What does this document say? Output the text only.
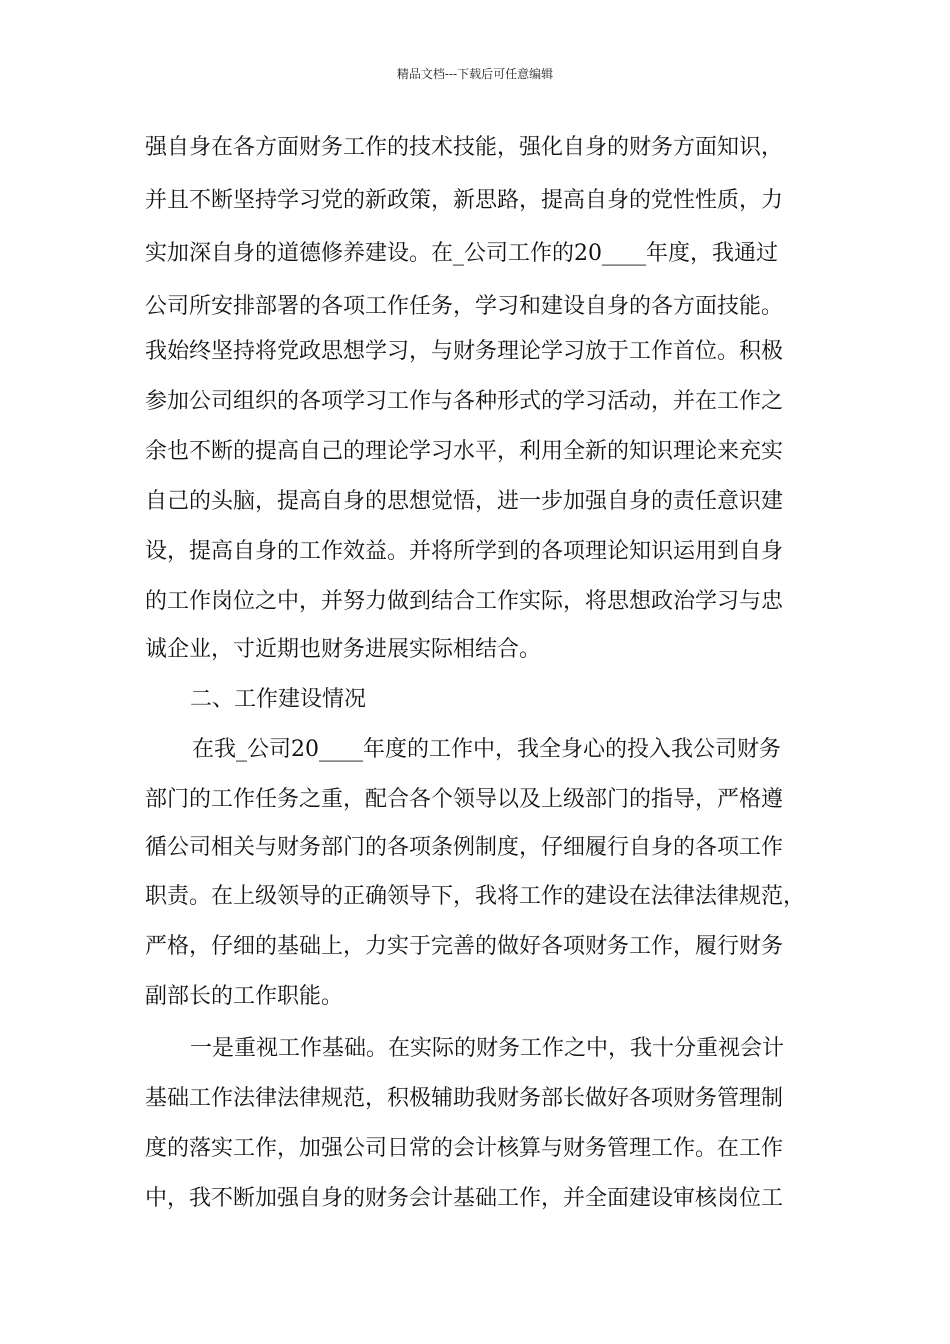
精品文档---下载后可任意编辑
强自身在各方面财务工作的技术技能，强化自身的财务方面知识，
并且不断坚持学习党的新政策，新思路，提高自身的党性性质，力
实加深自身的道德修养建设。在_公司工作的20____年度，我通过
公司所安排部署的各项工作任务，学习和建设自身的各方面技能。
我始终坚持将党政思想学习，与财务理论学习放于工作首位。积极
参加公司组织的各项学习工作与各种形式的学习活动，并在工作之
余也不断的提高自己的理论学习水平，利用全新的知识理论来充实
自己的头脑，提高自身的思想觉悟，进一步加强自身的责任意识建
设，提高自身的工作效益。并将所学到的各项理论知识运用到自身
的工作岗位之中，并努力做到结合工作实际，将思想政治学习与忠
诚企业，寸近期也财务进展实际相结合。
二、工作建设情况
在我_公司20____年度的工作中，我全身心的投入我公司财务
部门的工作任务之重，配合各个领导以及上级部门的指导，严格遵
循公司相关与财务部门的各项条例制度，仔细履行自身的各项工作
职责。在上级领导的正确领导下，我将工作的建设在法律法律规范，
严格，仔细的基础上，力实于完善的做好各项财务工作，履行财务
副部长的工作职能。
一是重视工作基础。在实际的财务工作之中，我十分重视会计
基础工作法律法律规范，积极辅助我财务部长做好各项财务管理制
度的落实工作，加强公司日常的会计核算与财务管理工作。在工作
中，我不断加强自身的财务会计基础工作，并全面建设审核岗位工
